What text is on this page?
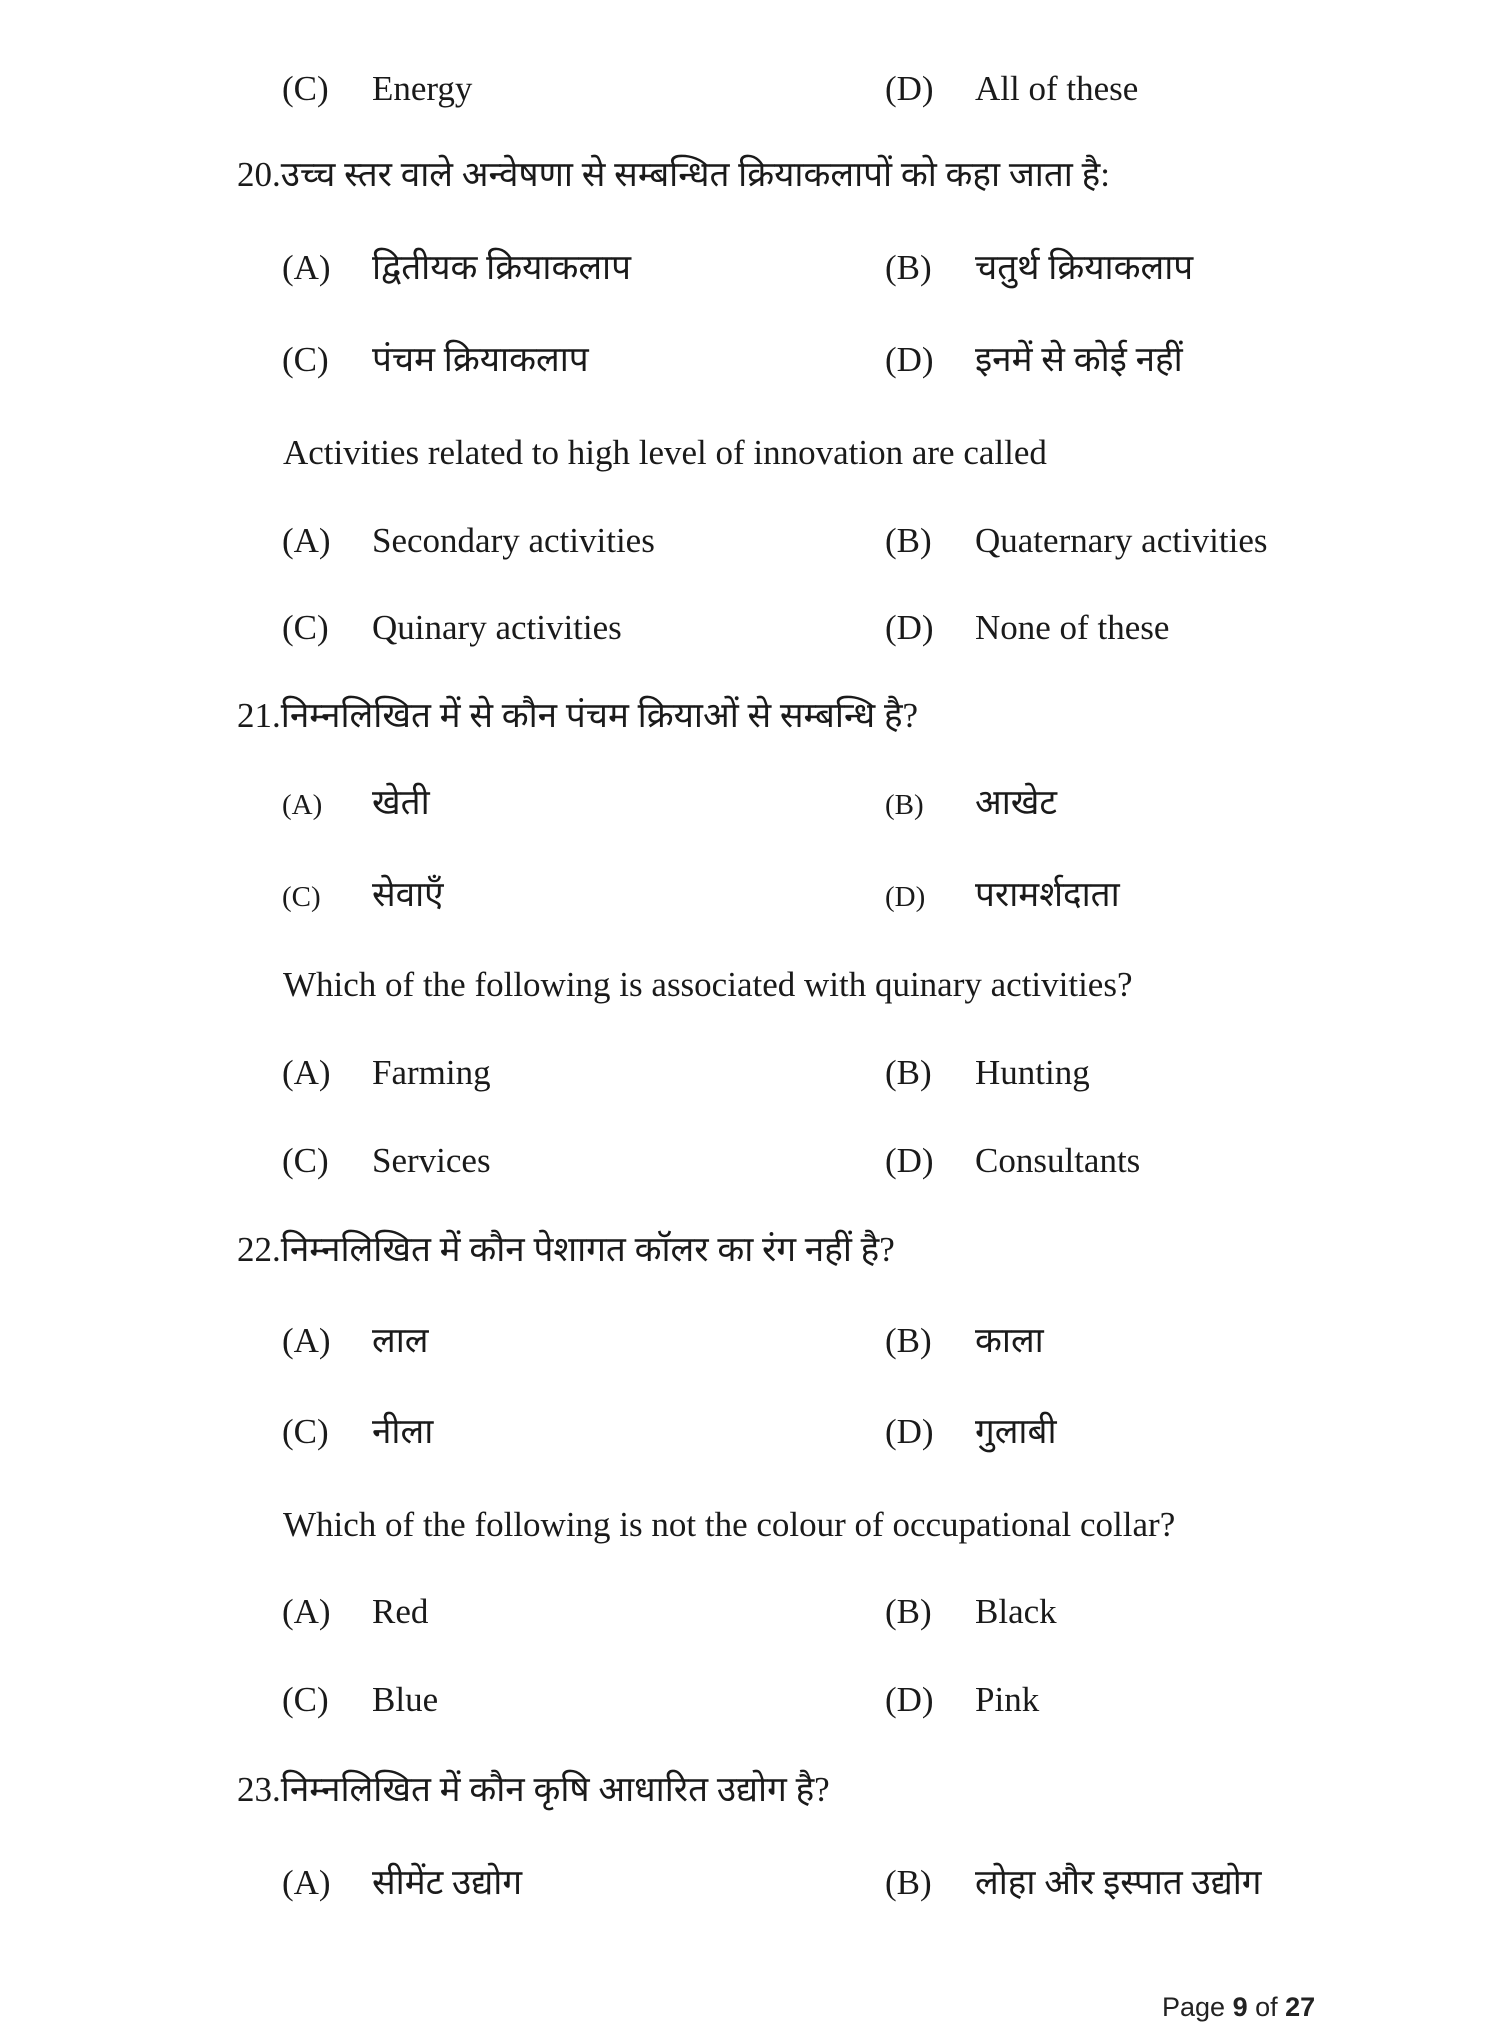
(C) Energy	(D) All of these
20.उच्च स्तर वाले अन्वेषणा से सम्बन्धित क्रियाकलापों को कहा जाता है:
(A) द्वितीयक क्रियाकलाप	(B) चतुर्थ क्रियाकलाप
(C) पंचम क्रियाकलाप	(D) इनमें से कोई नहीं
Activities related to high level of innovation are called
(A) Secondary activities	(B) Quaternary activities
(C) Quinary activities	(D) None of these
21.निम्नलिखित में से कौन पंचम क्रियाओं से सम्बन्धि है?
(A) खेती	(B) आखेट
(C) सेवाएँ	(D) परामर्शदाता
Which of the following is associated with quinary activities?
(A) Farming	(B) Hunting
(C) Services	(D) Consultants
22.निम्नलिखित में कौन पेशागत कॉलर का रंग नहीं है?
(A) लाल	(B) काला
(C) नीला	(D) गुलाबी
Which of the following is not the colour of occupational collar?
(A) Red	(B) Black
(C) Blue	(D) Pink
23.निम्नलिखित में कौन कृषि आधारित उद्योग है?
(A) सीमेंट उद्योग	(B) लोहा और इस्पात उद्योग
Page 9 of 27
